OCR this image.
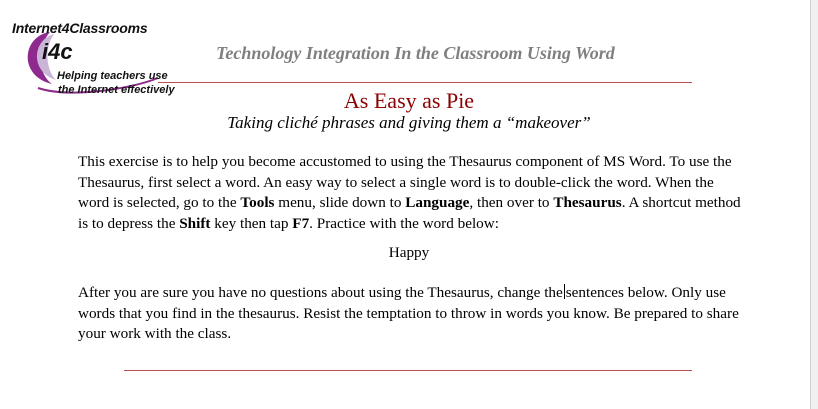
Internet4Classrooms
i4c
Helping teachers use
the Internet effectively
Technology Integration In the Classroom Using Word
As Easy as Pie
Taking cliché phrases and giving them a “makeover”

This exercise is to help you become accustomed to using the Thesaurus component of MS Word. To use the Thesaurus, first select a word. An easy way to select a single word is to double-click the word. When the word is selected, go to the Tools menu, slide down to Language, then over to Thesaurus. A shortcut method is to depress the Shift key then tap F7. Practice with the word below:

Happy

After you are sure you have no questions about using the Thesaurus, change the sentences below. Only use words that you find in the thesaurus. Resist the temptation to throw in words you know. Be prepared to share your work with the class.
